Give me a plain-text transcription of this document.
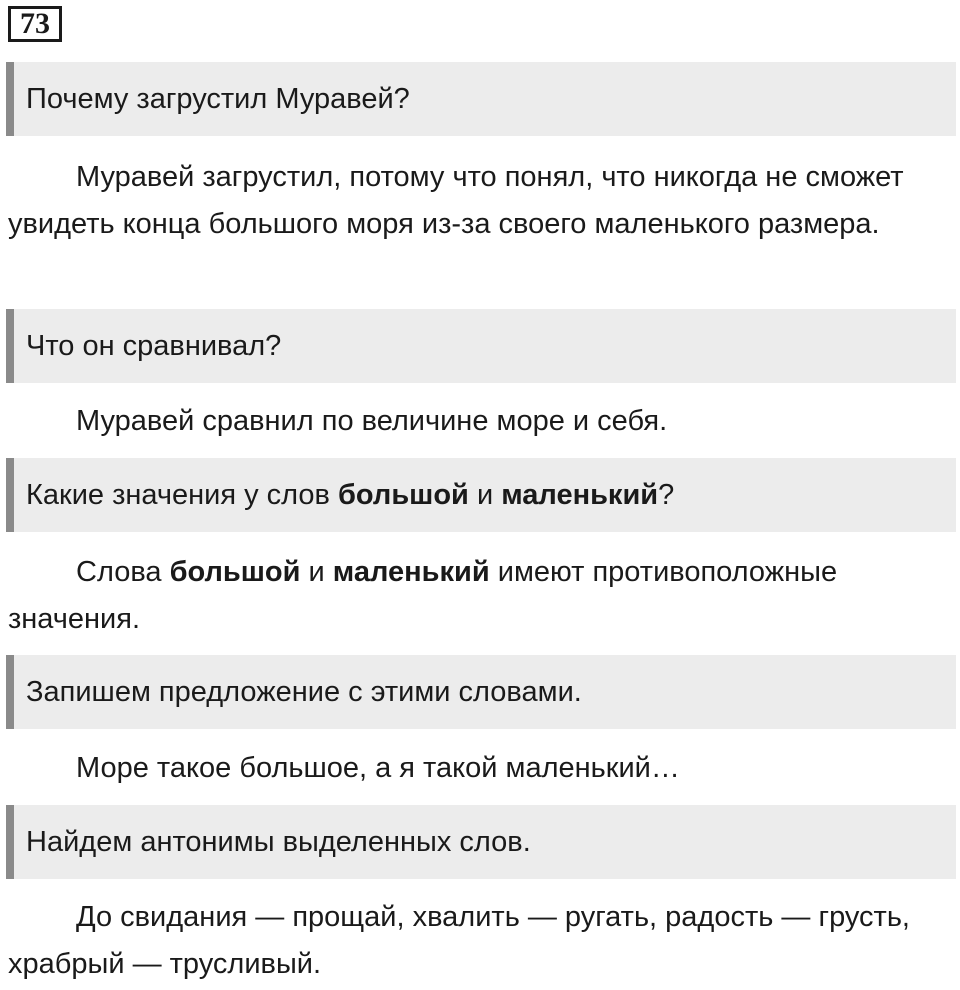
73
Почему загрустил Муравей?

Муравей загрустил, потому что понял, что никогда не сможет увидеть конца большого моря из-за своего маленького размера.

Что он сравнивал?

Муравей сравнил по величине море и себя.

Какие значения у слов большой и маленький?

Слова большой и маленький имеют противоположные значения.

Запишем предложение с этими словами.

Море такое большое, а я такой маленький…

Найдем антонимы выделенных слов.

До свидания — прощай, хвалить — ругать, радость — грусть, храбрый — трусливый.
